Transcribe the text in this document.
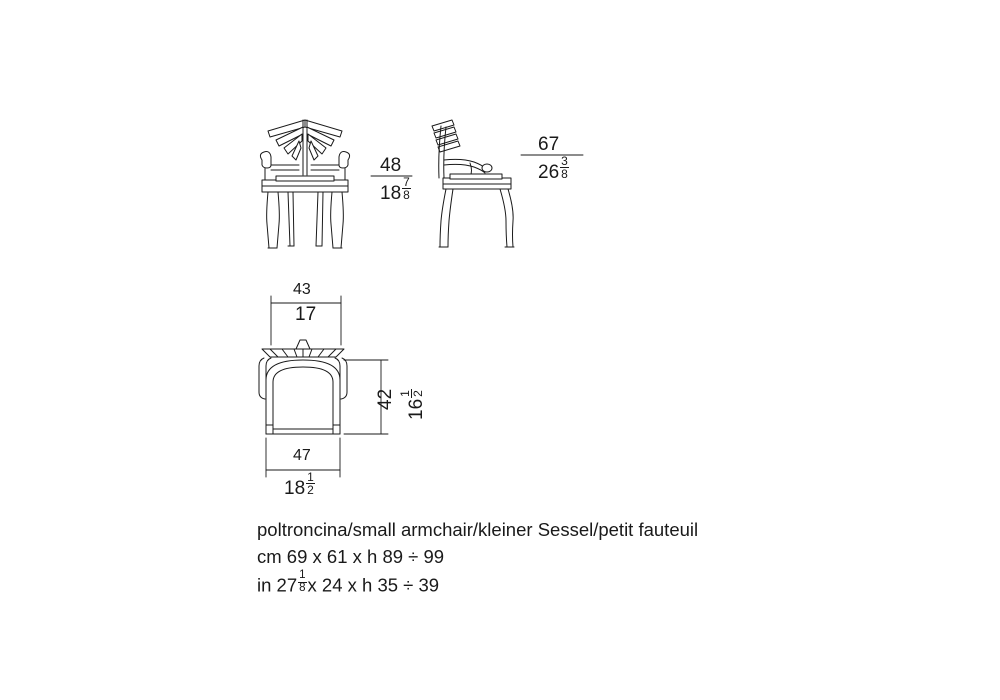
48
$18 \frac{7}{8}$
67
$26 \frac{3}{8}$
43
17
47
$18 \frac{1}{2}$
42 16
1 2
poltroncina/small armchair/kleiner Sessel/petit fauteuil
cm 69 x 61 x h 89 ÷ 99
in $27 \frac{1}{8}$ x 24 x h 35 ÷ 39
